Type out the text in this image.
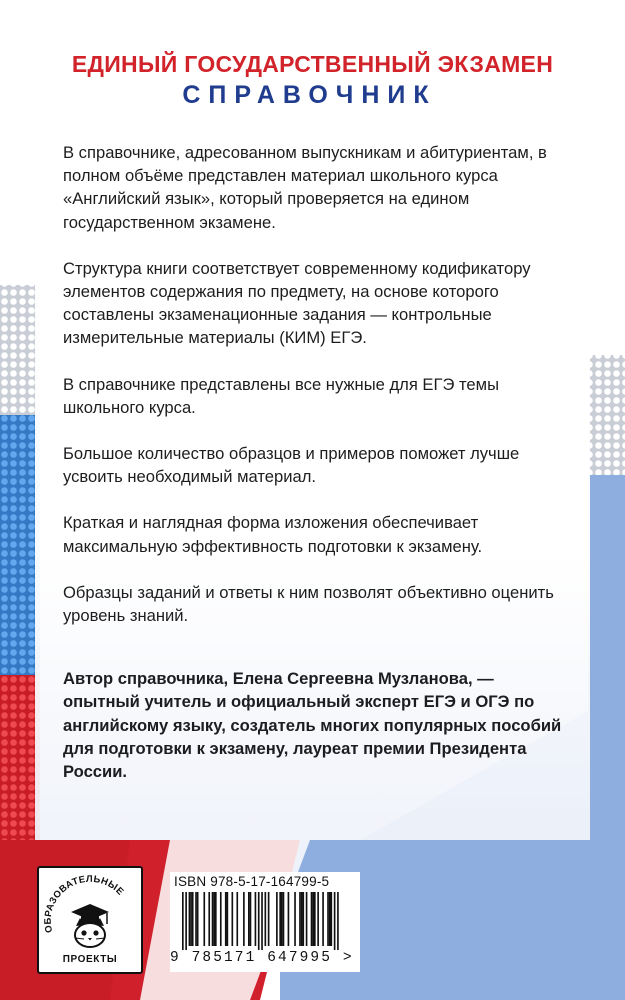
ЕДИНЫЙ ГОСУДАРСТВЕННЫЙ ЭКЗАМЕН
СПРАВОЧНИК

В справочнике, адресованном выпускникам и абитуриентам, в полном объёме представлен материал школьного курса «Английский язык», который проверяется на едином государственном экзамене.

Структура книги соответствует современному кодификатору элементов содержания по предмету, на основе которого составлены экзаменационные задания — контрольные измерительные материалы (КИМ) ЕГЭ.

В справочнике представлены все нужные для ЕГЭ темы школьного курса.

Большое количество образцов и примеров поможет лучше усвоить необходимый материал.

Краткая и наглядная форма изложения обеспечивает максимальную эффективность подготовки к экзамену.

Образцы заданий и ответы к ним позволят объективно оценить уровень знаний.

Автор справочника, Елена Сергеевна Музланова, — опытный учитель и официальный эксперт ЕГЭ и ОГЭ по английскому языку, создатель многих популярных пособий для подготовки к экзамену, лауреат премии Президента России.

ОБРАЗОВАТЕЛЬНЫЕ
ПРОЕКТЫ
ISBN 978-5-17-164799-5
9 785171 647995 >
